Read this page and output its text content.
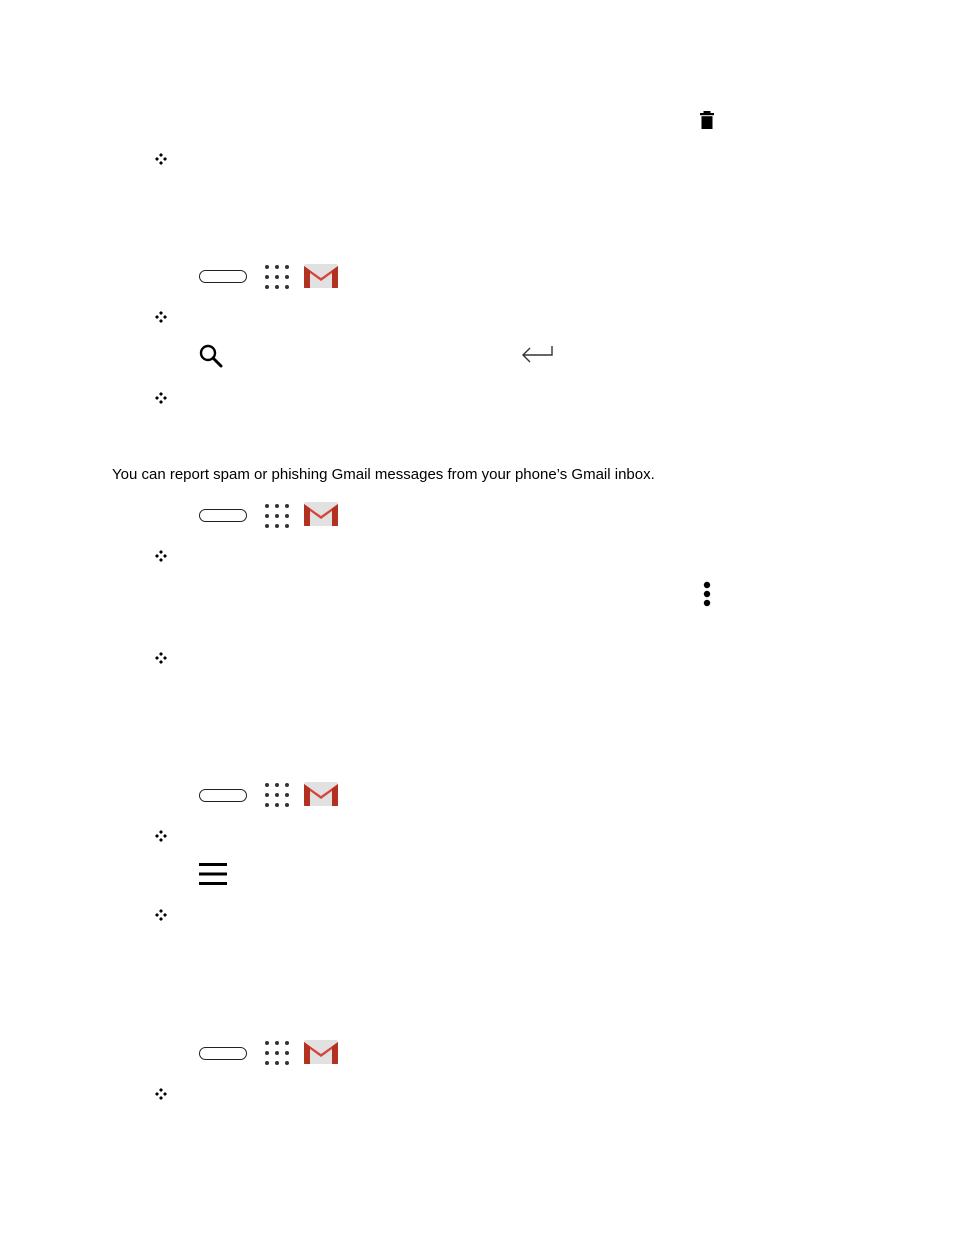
You can report spam or phishing Gmail messages from your phone’s Gmail inbox.
